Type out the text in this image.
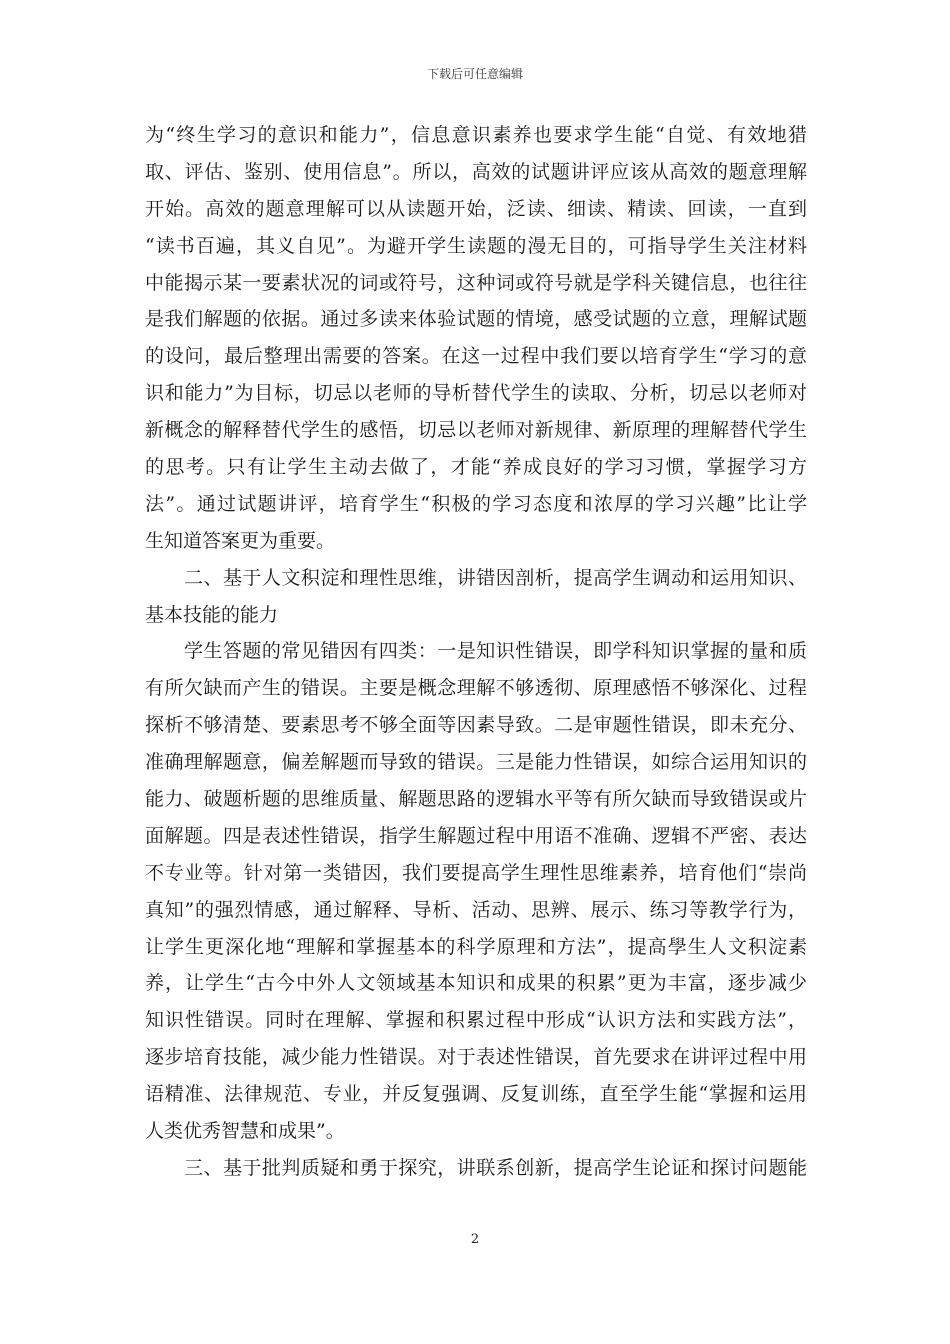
下载后可任意编辑
为“终生学习的意识和能力”，信息意识素养也要求学生能“自觉、有效地猎
取、评估、鉴别、使用信息”。所以，高效的试题讲评应该从高效的题意理解
开始。高效的题意理解可以从读题开始，泛读、细读、精读、回读，一直到
“读书百遍，其义自见”。为避开学生读题的漫无目的，可指导学生关注材料
中能揭示某一要素状况的词或符号，这种词或符号就是学科关键信息，也往往
是我们解题的依据。通过多读来体验试题的情境，感受试题的立意，理解试题
的设问，最后整理出需要的答案。在这一过程中我们要以培育学生“学习的意
识和能力”为目标，切忌以老师的导析替代学生的读取、分析，切忌以老师对
新概念的解释替代学生的感悟，切忌以老师对新规律、新原理的理解替代学生
的思考。只有让学生主动去做了，才能“养成良好的学习习惯，掌握学习方
法”。通过试题讲评，培育学生“积极的学习态度和浓厚的学习兴趣”比让学
生知道答案更为重要。
　　二、基于人文积淀和理性思维，讲错因剖析，提高学生调动和运用知识、
基本技能的能力
　　学生答题的常见错因有四类：一是知识性错误，即学科知识掌握的量和质
有所欠缺而产生的错误。主要是概念理解不够透彻、原理感悟不够深化、过程
探析不够清楚、要素思考不够全面等因素导致。二是审题性错误，即未充分、
准确理解题意，偏差解题而导致的错误。三是能力性错误，如综合运用知识的
能力、破题析题的思维质量、解题思路的逻辑水平等有所欠缺而导致错误或片
面解题。四是表述性错误，指学生解题过程中用语不准确、逻辑不严密、表达
不专业等。针对第一类错因，我们要提高学生理性思维素养，培育他们“崇尚
真知”的强烈情感，通过解释、导析、活动、思辨、展示、练习等教学行为，
让学生更深化地“理解和掌握基本的科学原理和方法”，提高學生人文积淀素
养，让学生“古今中外人文领域基本知识和成果的积累”更为丰富，逐步减少
知识性错误。同时在理解、掌握和积累过程中形成“认识方法和实践方法”，
逐步培育技能，减少能力性错误。对于表述性错误，首先要求在讲评过程中用
语精准、法律规范、专业，并反复强调、反复训练，直至学生能“掌握和运用
人类优秀智慧和成果”。
　　三、基于批判质疑和勇于探究，讲联系创新，提高学生论证和探讨问题能
2
